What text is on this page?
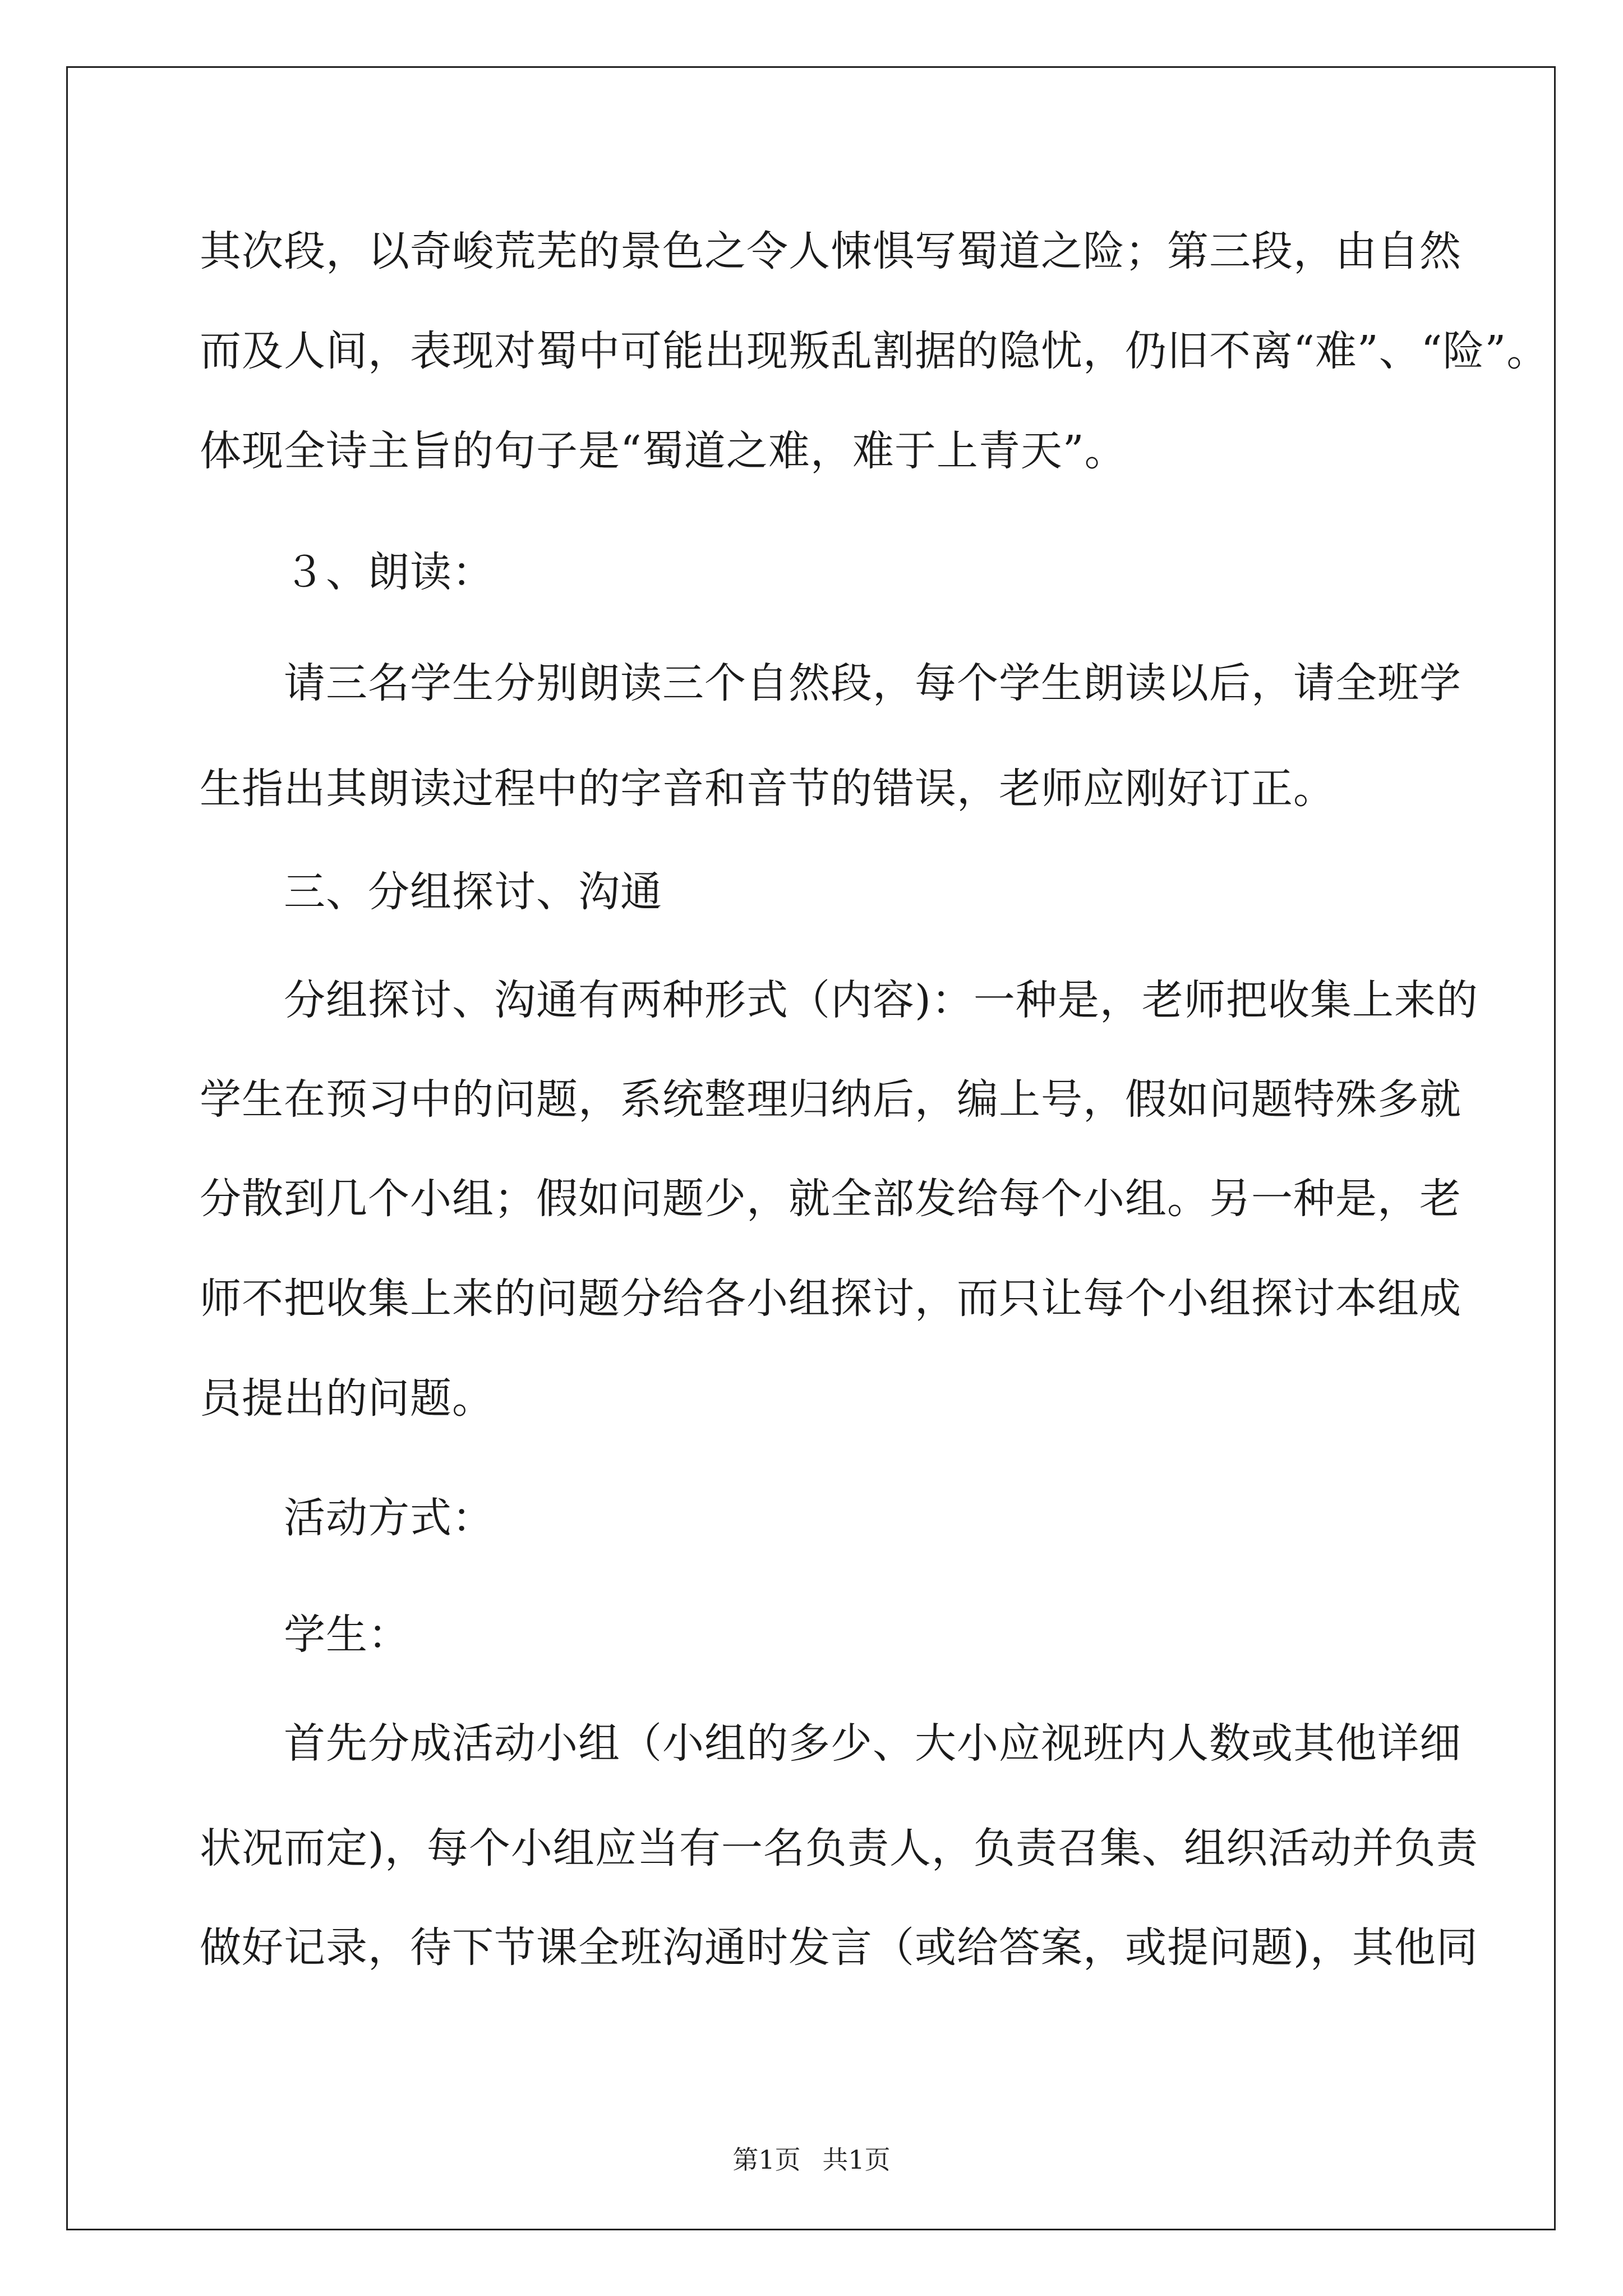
其次段，以奇峻荒芜的景色之令人悚惧写蜀道之险；第三段，由自然
而及人间，表现对蜀中可能出现叛乱割据的隐忧，仍旧不离“难”、“险”。
体现全诗主旨的句子是“蜀道之难，难于上青天”。
３、朗读：
请三名学生分别朗读三个自然段，每个学生朗读以后，请全班学
生指出其朗读过程中的字音和音节的错误，老师应刚好订正。
三、分组探讨、沟通
分组探讨、沟通有两种形式（内容)：一种是，老师把收集上来的
学生在预习中的问题，系统整理归纳后，编上号，假如问题特殊多就
分散到几个小组；假如问题少，就全部发给每个小组。另一种是，老
师不把收集上来的问题分给各小组探讨，而只让每个小组探讨本组成
员提出的问题。
活动方式：
学生：
首先分成活动小组（小组的多少、大小应视班内人数或其他详细
状况而定)，每个小组应当有一名负责人，负责召集、组织活动并负责
做好记录，待下节课全班沟通时发言（或给答案，或提问题)，其他同
第1页 共1页
